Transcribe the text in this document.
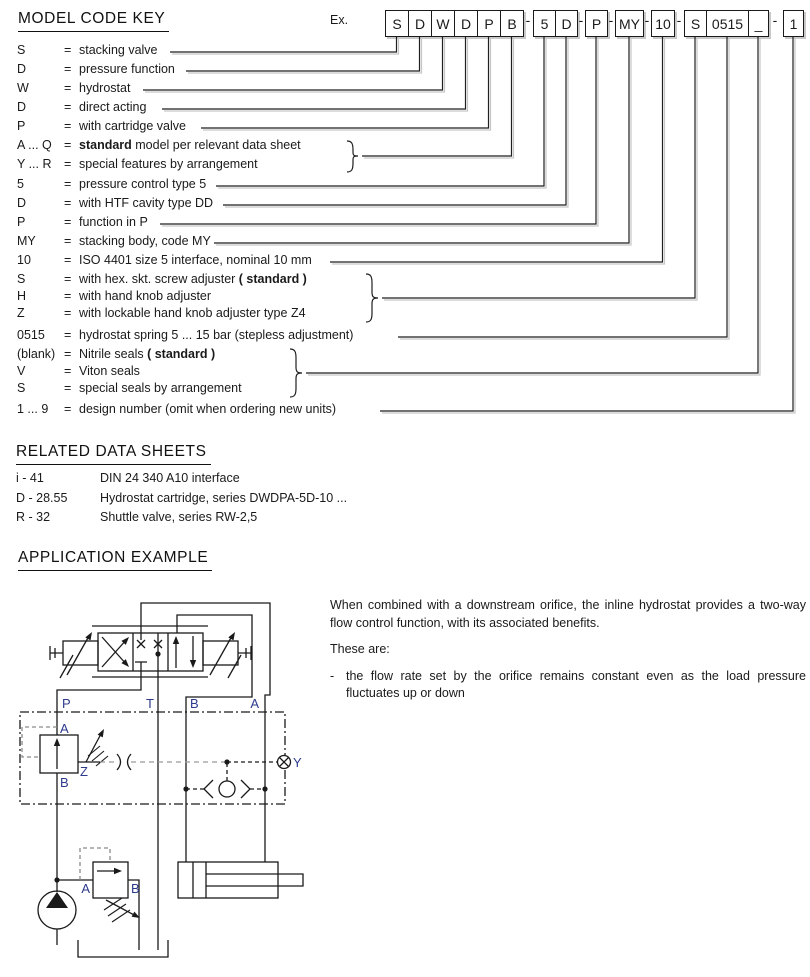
MODEL CODE KEY	Ex.	S D W D P B - 5 D - P - MY - 10 - S 0515 _ - 1
S	= stacking valve
D	= pressure function
W	= hydrostat
D	= direct acting
P	= with cartridge valve
A ... Q = standard model per relevant data sheet
Y ... R = special features by arrangement
5	= pressure control type 5
D	= with HTF cavity type DD
P	= function in P
MY = stacking body, code MY
10	= ISO 4401 size 5 interface, nominal 10 mm
S	= with hex. skt. screw adjuster ( standard )
H	= with hand knob adjuster
Z	= with lockable hand knob adjuster type Z4
0515 = hydrostat spring 5 ... 15 bar (stepless adjustment)
(blank) = Nitrile seals ( standard )
V	= Viton seals
S	= special seals by arrangement
1 ... 9 = design number (omit when ordering new units)
RELATED DATA SHEETS
i - 41	DIN 24 340 A10 interface
D - 28.55	Hydrostat cartridge, series DWDPA-5D-10 ...
R - 32	Shuttle valve, series RW-2,5
APPLICATION EXAMPLE
When combined with a downstream orifice, the inline hydrostat provides a two-way flow control function, with its associated benefits.
These are:
- the flow rate set by the orifice remains constant even as the load pressure fluctuates up or down
P	T	B	A
Y
Z
A
B
A	B
